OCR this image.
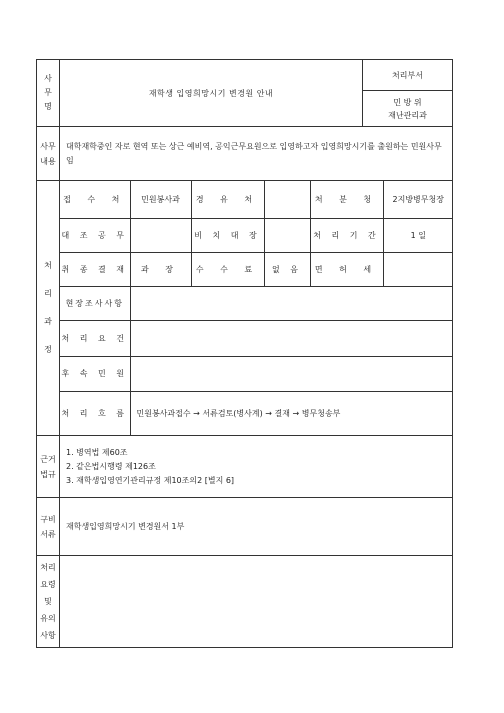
사
무
명	재학생 입영희망시기 변경원 안내	처리부서

민 방 위
재난관리과

사무
내용
	대학재학중인 자로 현역 또는 상근 예비역, 공익근무요원으로 입영하고자 입영희망시기를 출원하는 민원사무임
처
리
과
정	
접 수 처	민원봉사과	경 유 처		처 분 청	2지방병무청장
대 조 공 무		비 치 대 장		처 리 기 간	1 일
취 종 결 재	과 장	수 수 료	없 음	면 허 세	
현장조사사항	
처 리 요 건	
후 속 민 원	
처 리 흐 름	민원봉사과접수 → 서류검토(병사계) → 결재 → 병무청송부

근거
법규

1. 병역법 제60조
2. 같은법시행령 제126조
3. 재학생입영연기관리규정 제10조의2 [별지 6]

구비
서류
	재학생입영희망시기 변경원서 1부
처리
요령
및
유의
사항	
